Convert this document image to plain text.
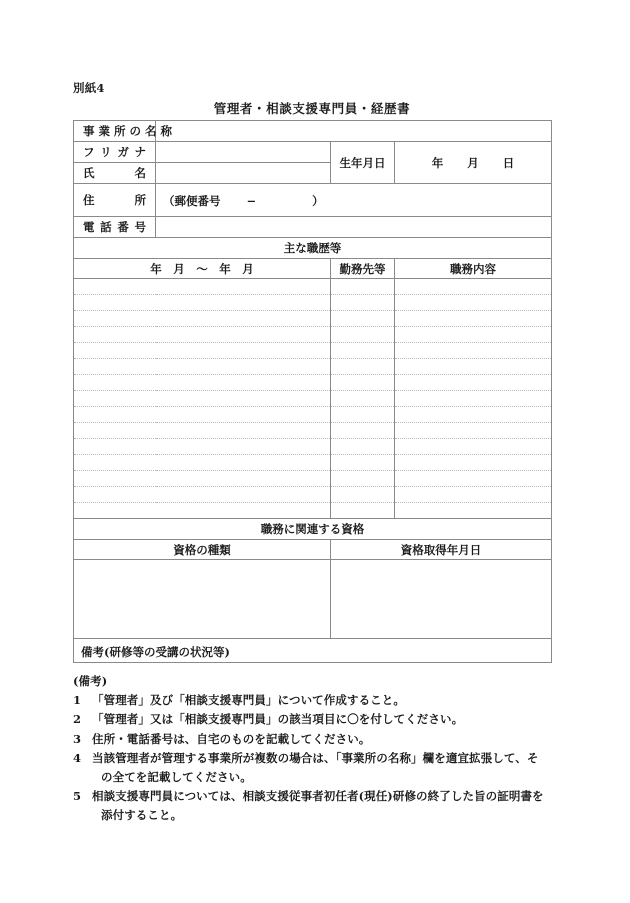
別紙4
管理者・相談支援専門員・経歴書
事 業 所 の 名 称			
フ リ ガ ナ		生年月日	年 月 日
氏　　　名			
住　　　所	（郵便番号 − ）		

電 話 番 号			
主な職歴等			
年　月　～　年　月		勤務先等	職務内容

職務に関連する資格			
資格の種類		資格取得年月日	

備考(研修等の受講の状況等)			
(備考)
1 「管理者」及び「相談支援専門員」について作成すること。
2 「管理者」又は「相談支援専門員」の該当項目に〇を付してください。
3 住所・電話番号は、自宅のものを記載してください。
4 当該管理者が管理する事業所が複数の場合は、「事業所の名称」欄を適宜拡張して、そ
の全てを記載してください。
5 相談支援専門員については、相談支援従事者初任者(現任)研修の終了した旨の証明書を
添付すること。
